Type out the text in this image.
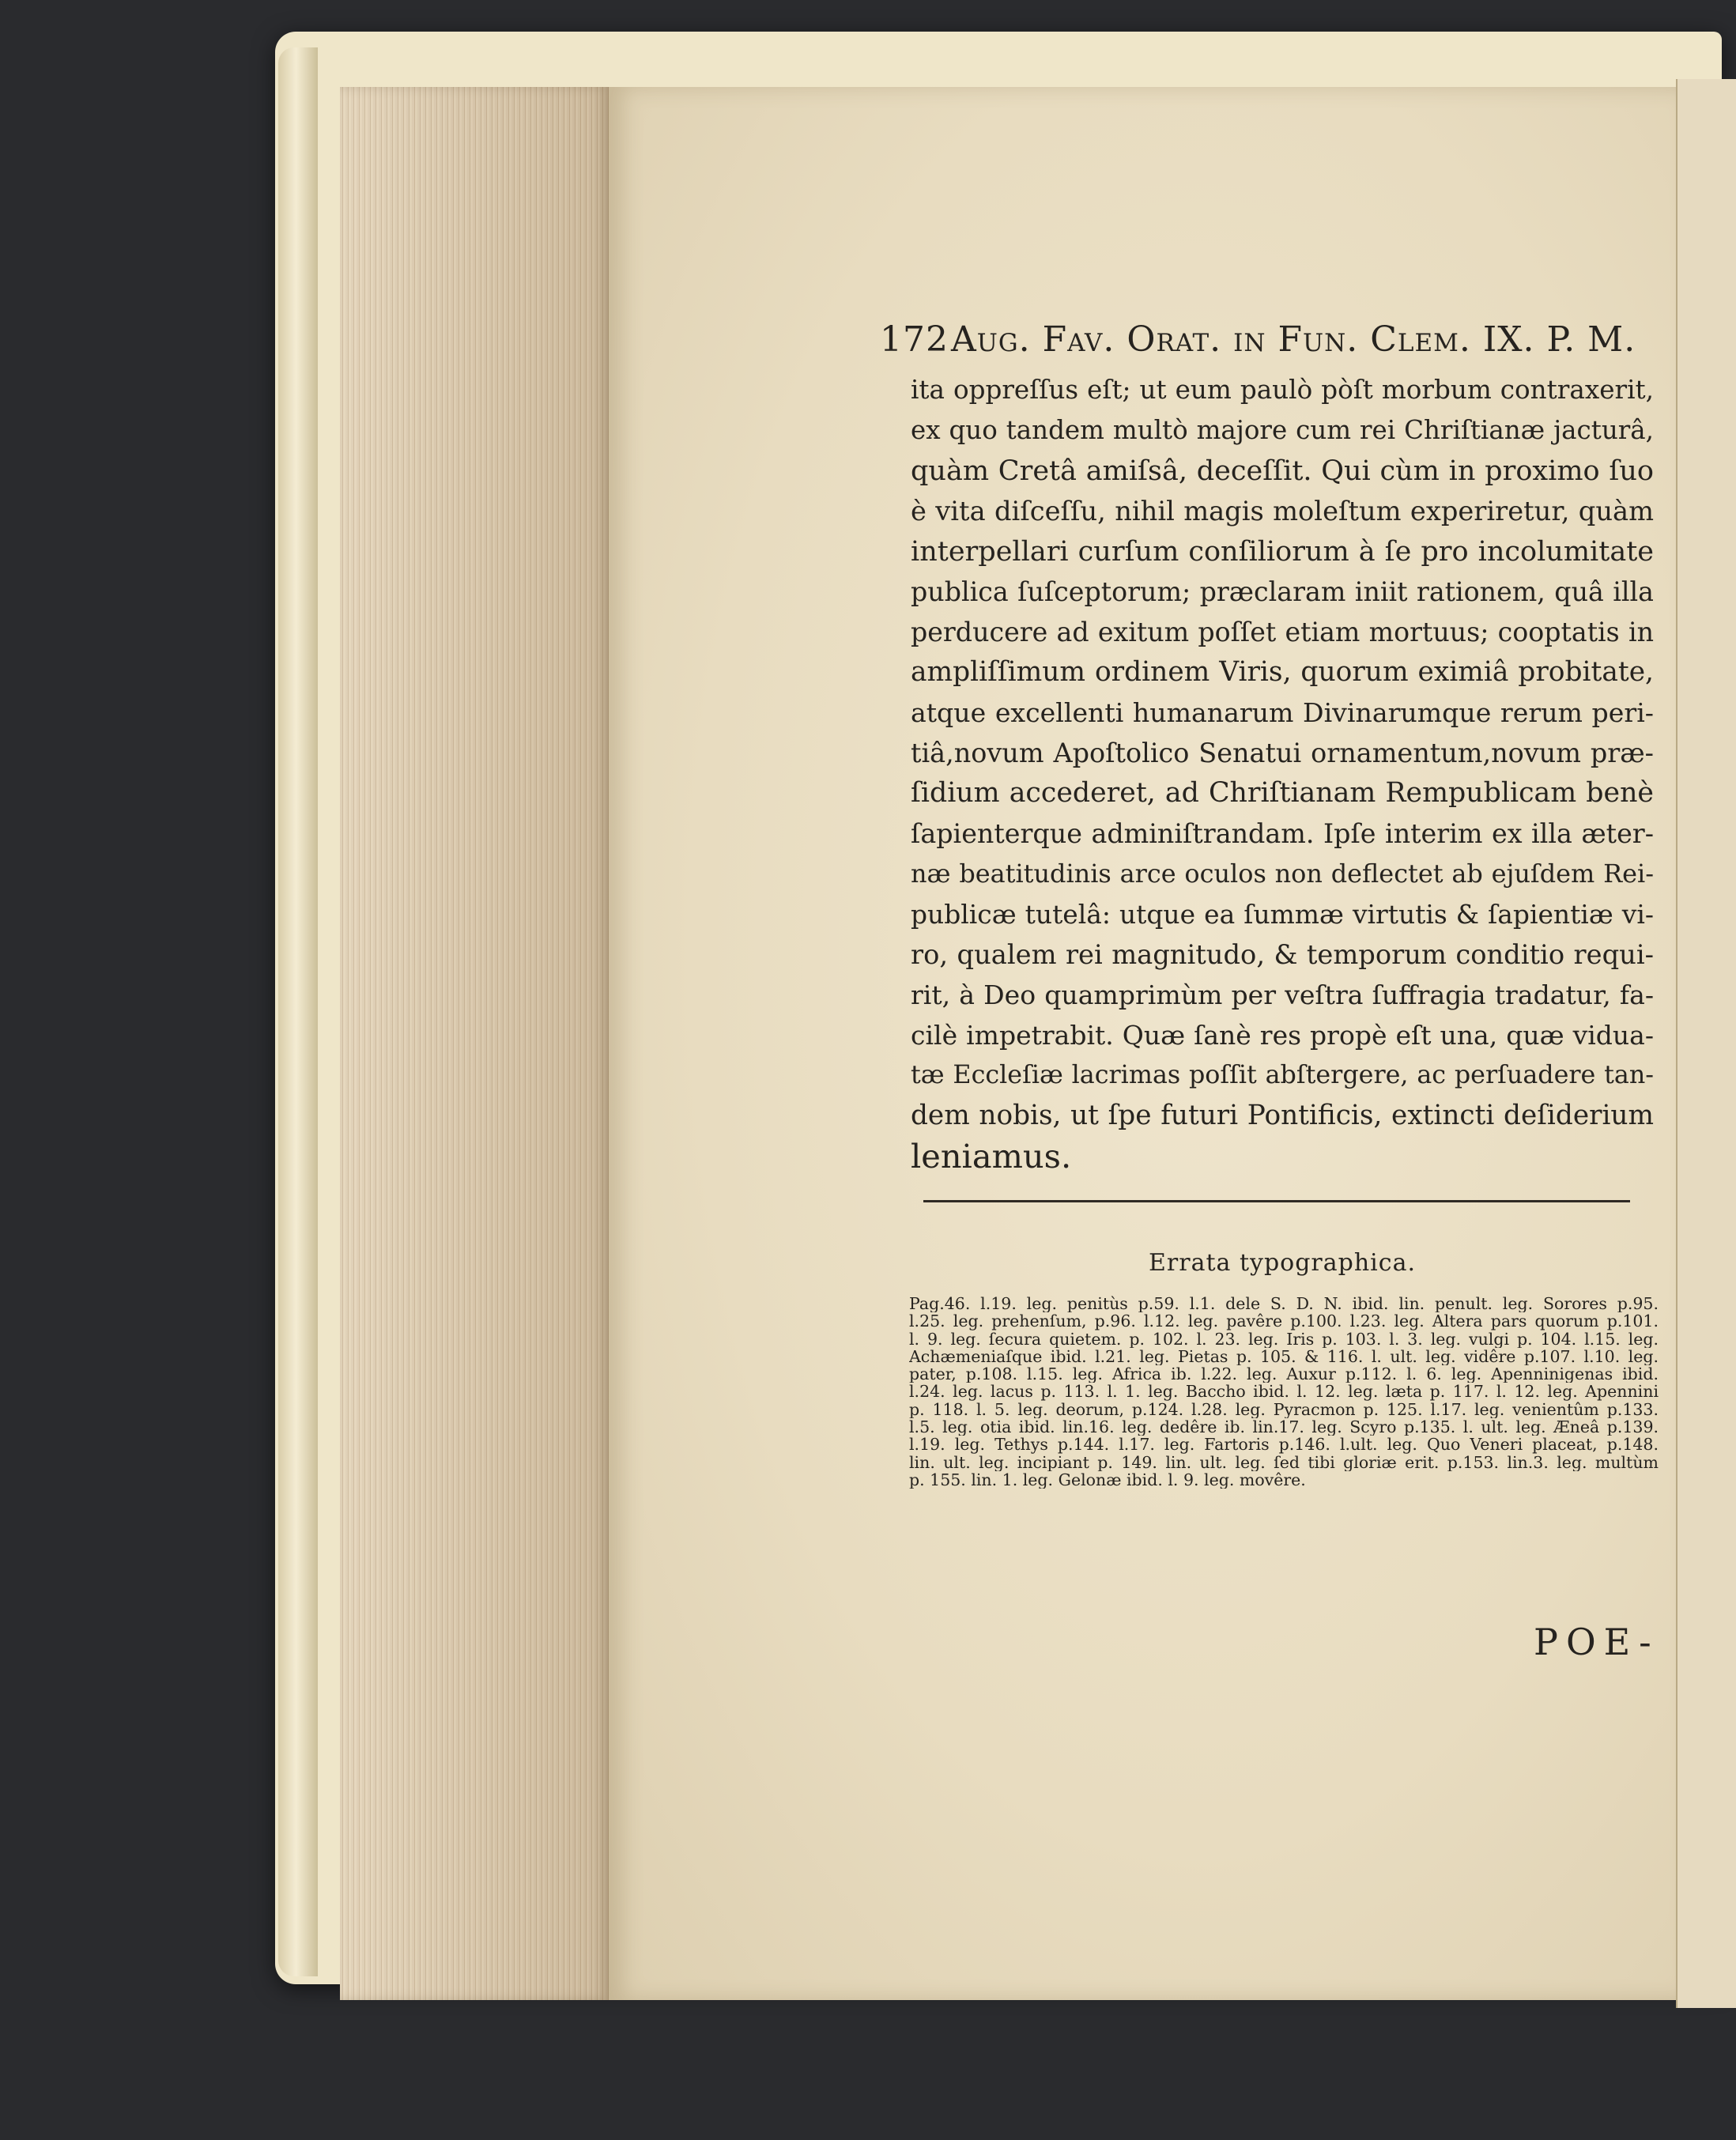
172 Aug. Fav. Orat. in Fun. Clem. IX. P. M.
ita oppreſſus eſt; ut eum paulò pòſt morbum contraxerit,
ex quo tandem multò majore cum rei Chriſtianæ jacturâ,
quàm Cretâ amiſsâ, deceſſit. Qui cùm in proximo ſuo
è vita diſceſſu, nihil magis moleſtum experiretur, quàm
interpellari curſum conſiliorum à ſe pro incolumitate
publica ſuſceptorum; præclaram iniit rationem, quâ illa
perducere ad exitum poſſet etiam mortuus; cooptatis in
ampliſſimum ordinem Viris, quorum eximiâ probitate,
atque excellenti humanarum Divinarumque rerum peri-
tiâ,novum Apoſtolico Senatui ornamentum,novum præ-
ſidium accederet, ad Chriſtianam Rempublicam benè
ſapienterque adminiſtrandam. Ipſe interim ex illa æter-
næ beatitudinis arce oculos non deflectet ab ejuſdem Rei-
publicæ tutelâ: utque ea ſummæ virtutis & ſapientiæ vi-
ro, qualem rei magnitudo, & temporum conditio requi-
rit, à Deo quamprimùm per veſtra ſuffragia tradatur, fa-
cilè impetrabit. Quæ ſanè res propè eſt una, quæ vidua-
tæ Eccleſiæ lacrimas poſſit abſtergere, ac perſuadere tan-
dem nobis, ut ſpe futuri Pontificis, extincti deſiderium
leniamus.
Errata typographica.
Pag.46. l.19. leg. penitùs p.59. l.1. dele S. D. N. ibid. lin. penult. leg. Sorores p.95.
l.25. leg. prehenſum, p.96. l.12. leg. pavêre p.100. l.23. leg. Altera pars quorum p.101.
l. 9. leg. ſecura quietem. p. 102. l. 23. leg. Iris p. 103. l. 3. leg. vulgi p. 104. l.15. leg.
Achæmeniaſque ibid. l.21. leg. Pietas p. 105. & 116. l. ult. leg. vidêre p.107. l.10. leg.
pater, p.108. l.15. leg. Africa ib. l.22. leg. Auxur p.112. l. 6. leg. Apenninigenas ibid.
l.24. leg. lacus p. 113. l. 1. leg. Baccho ibid. l. 12. leg. læta p. 117. l. 12. leg. Apennini
p. 118. l. 5. leg. deorum, p.124. l.28. leg. Pyracmon p. 125. l.17. leg. venientûm p.133.
l.5. leg. otia ibid. lin.16. leg. dedêre ib. lin.17. leg. Scyro p.135. l. ult. leg. Æneâ p.139.
l.19. leg. Tethys p.144. l.17. leg. Fartoris p.146. l.ult. leg. Quo Veneri placeat, p.148.
lin. ult. leg. incipiant p. 149. lin. ult. leg. ſed tibi gloriæ erit. p.153. lin.3. leg. multùm
p. 155. lin. 1. leg. Gelonæ ibid. l. 9. leg. movêre.
POE-
